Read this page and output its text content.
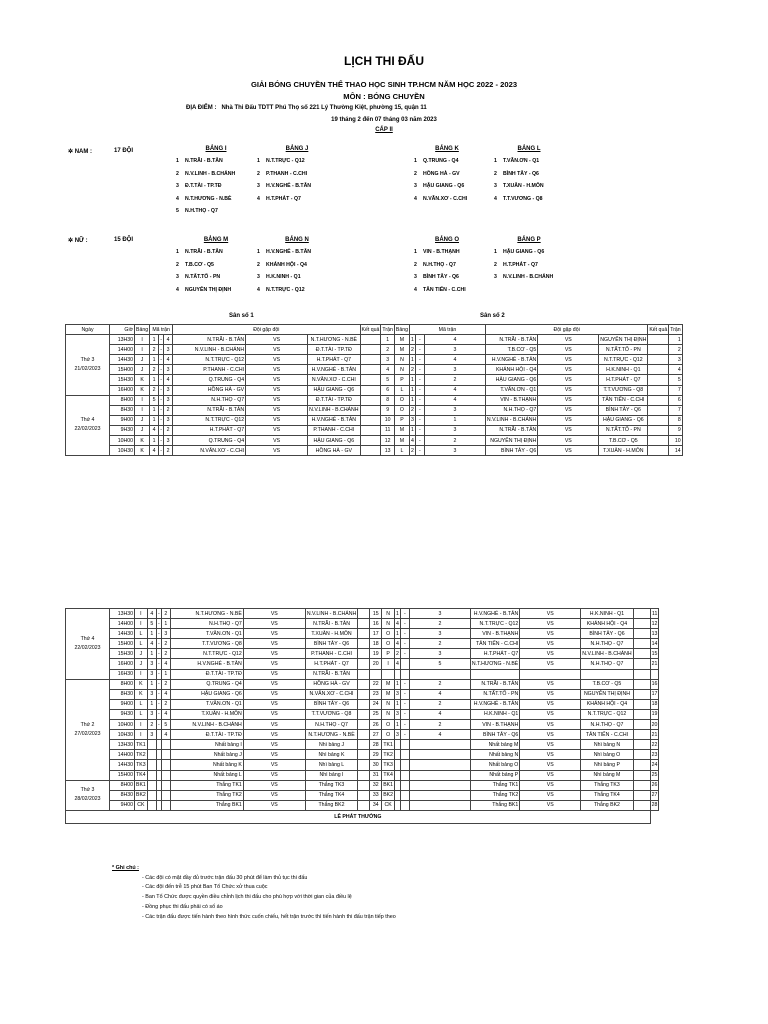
LỊCH THI ĐẤU
GIẢI BÓNG CHUYỀN THỂ THAO HỌC SINH TP.HCM NĂM HỌC 2022 - 2023
MÔN : BÓNG CHUYỀN
ĐỊA ĐIỂM : Nhà Thi Đấu TDTT Phú Thọ số 221 Lý Thường Kiệt, phường 15, quận 11
19 tháng 2 đến 07 tháng 03 năm 2023
CẤP II
✲ NAM :	17 ĐỘI	BẢNG I
1 N.TRÃI - B.TÂN
2 N.V.LINH - B.CHÁNH
3 Đ.T.TÀI - TP.TĐ
4 N.T.HƯƠNG - N.BÈ
5 N.H.THỌ - Q7
BẢNG J
1 N.T.TRỰC - Q12
2 P.THANH - C.CHI
3 H.V.NGHÉ - B.TÂN
4 H.T.PHÁT - Q7
BẢNG K
1 Q.TRUNG - Q4
2 HỒNG HÀ - GV
3 HẬU GIANG - Q6
4 N.VĂN.XƠ - C.CHI
BẢNG L
1 T.VĂN.ƠN - Q1
2 BÌNH TÂY - Q6
3 T.XUÂN - H.MÔN
4 T.T.VƯƠNG - Q8
✲ NỮ :	15 ĐỘI	BẢNG M
1 N.TRÃI - B.TÂN
2 T.B.CƠ - Q5
3 N.TẤT.TỐ - PN
4 NGUYỄN THỊ ĐỊNH
BẢNG N
1 H.V.NGHÉ - B.TÂN
2 KHÁNH HỘI - Q4
3 H.K.NINH - Q1
4 N.T.TRỰC - Q12
BẢNG O
1 VIN - B.THẠNH
2 N.H.THỌ - Q7
3 BÌNH TÂY - Q6
4 TÂN TIẾN - C.CHI
BẢNG P
1 HẬU GIANG - Q6
2 H.T.PHÁT - Q7
3 N.V.LINH - B.CHÁNH
Sân số 1	Sân số 2
Ngày	Giờ	Bảng	Mã trận			Đội gặp đội			Kết quả	Trận	Bảng	Mã trận			Đội gặp đội			Kết quả	Trận

Thứ 3
21/02/2023	13H30	I	1	-	4	N.TRÃI - B.TÂN	VS	N.T.HƯƠNG - N.BÈ		1	M	1	-	4	N.TRÃI - B.TÂN	VS	NGUYỄN THỊ ĐỊNH		1
	14H00	I	2	-	3	N.V.LINH - B.CHÁNH	VS	Đ.T.TÀI - TP.TĐ		2	M	2	-	3	T.B.CƠ - Q5	VS	N.TẤT.TỐ - PN		2
	14H30	J	1	-	4	N.T.TRỰC - Q12	VS	H.T.PHÁT - Q7		3	N	1	-	4	H.V.NGHÉ - B.TÂN	VS	N.T.TRỰC - Q12		3
	15H00	J	2	-	3	P.THANH - C.CHI	VS	H.V.NGHÉ - B.TÂN		4	N	2	-	3	KHÁNH HỘI - Q4	VS	H.K.NINH - Q1		4
	15H30	K	1	-	4	Q.TRUNG - Q4	VS	N.VĂN.XƠ - C.CHI		5	P	1	-	2	HẬU GIANG - Q6	VS	H.T.PHÁT - Q7		5
	16H00	K	2	-	3	HỒNG HÀ - GV	VS	HẬU GIANG - Q6		6	L	1	-	4	T.VĂN.ƠN - Q1	VS	T.T.VƯƠNG - Q8		7

Thứ 4
22/02/2023	8H00	I	5	-	3	N.H.THỌ - Q7	VS	Đ.T.TÀI - TP.TĐ		8	O	1	-	4	VIN - B.THẠNH	VS	TÂN TIẾN - C.CHI		6
	8H30	I	1	-	2	N.TRÃI - B.TÂN	VS	N.V.LINH - B.CHÁNH		9	O	2	-	3	N.H.THỌ - Q7	VS	BÌNH TÂY - Q6		7
	9H00	J	1	-	3	N.T.TRỰC - Q12	VS	H.V.NGHÉ - B.TÂN		10	P	3	-	1	N.V.LINH - B.CHÁNH	VS	HẬU GIANG - Q6		8
	9H30	J	4	-	2	H.T.PHÁT - Q7	VS	P.THANH - C.CHI		11	M	1	-	3	N.TRÃI - B.TÂN	VS	N.TẤT.TỐ - PN		9
	10H00	K	1	-	3	Q.TRUNG - Q4	VS	HẬU GIANG - Q6		12	M	4	-	2	NGUYỄN THỊ ĐỊNH	VS	T.B.CƠ - Q5		10
	10H30	K	4	-	2	N.VĂN.XƠ - C.CHI	VS	HỒNG HÀ - GV		13	L	2	-	3	BÌNH TÂY - Q6	VS	T.XUÂN - H.MÔN		14
Thứ 4
22/02/2023	13H30	I	4	-	2	N.T.HƯƠNG - N.BÈ	VS	N.V.LINH - B.CHÁNH		15	N	1	-	3	H.V.NGHÉ - B.TÂN	VS	H.K.NINH - Q1		11
	14H00	I	5	-	1	N.H.THỌ - Q7	VS	N.TRÃI - B.TÂN		16	N	4	-	2	N.T.TRỰC - Q12	VS	KHÁNH HỘI - Q4		12
	14H30	L	1	-	3	T.VĂN.ƠN - Q1	VS	T.XUÂN - H.MÔN		17	O	1	-	3	VIN - B.THẠNH	VS	BÌNH TÂY - Q6		13
	15H00	L	4	-	2	T.T.VƯƠNG - Q8	VS	BÌNH TÂY - Q6		18	O	4	-	2	TÂN TIẾN - C.CHI	VS	N.H.THỌ - Q7		14
	15H30	J	1	-	2	N.T.TRỰC - Q12	VS	P.THANH - C.CHI		19	P	2	-	3	H.T.PHÁT - Q7	VS	N.V.LINH - B.CHÁNH		15
	16H00	J	3	-	4	H.V.NGHÉ - B.TÂN	VS	H.T.PHÁT - Q7		20	I	4		5	N.T.HƯƠNG - N.BÈ	VS	N.H.THỌ - Q7		21
	16H30	I	3	-	1	Đ.T.TÀI - TP.TĐ	VS	N.TRÃI - B.TÂN											

Thứ 2
27/02/2023	8H00	K	1	-	2	Q.TRUNG - Q4	VS	HỒNG HÀ - GV		22	M	1	-	2	N.TRÃI - B.TÂN	VS	T.B.CƠ - Q5		16
	8H30	K	3	-	4	HẬU GIANG - Q6	VS	N.VĂN.XƠ - C.CHI		23	M	3	-	4	N.TẤT.TỐ - PN	VS	NGUYỄN THỊ ĐỊNH		17
	9H00	L	1	-	2	T.VĂN.ƠN - Q1	VS	BÌNH TÂY - Q6		24	N	1	-	2	H.V.NGHÉ - B.TÂN	VS	KHÁNH HỘI - Q4		18
	9H30	L	3	-	4	T.XUÂN - H.MÔN	VS	T.T.VƯƠNG - Q8		25	N	3	-	4	H.K.NINH - Q1	VS	N.T.TRỰC - Q12		19
	10H00	I	2	-	5	N.V.LINH - B.CHÁNH	VS	N.H.THỌ - Q7		26	O	1	-	2	VIN - B.THẠNH	VS	N.H.THỌ - Q7		20
	10H30	I	3		4	Đ.T.TÀI - TP.TĐ	VS	N.T.HƯƠNG - N.BÈ		27	O	3	-	4	BÌNH TÂY - Q6	VS	TÂN TIẾN - C.CHI		21
	13H30	TK1				Nhất bảng I	VS	Nhì bảng J		28	TK1				Nhất bảng M	VS	Nhì bảng N		22
	14H00	TK2				Nhất bảng J	VS	Nhì bảng K		29	TK2				Nhất bảng N	VS	Nhì bảng O		23
	14H30	TK3				Nhất bảng K	VS	Nhì bảng L		30	TK3				Nhất bảng O	VS	Nhì bảng P		24
	15H00	TK4				Nhất bảng L	VS	Nhì bảng I		31	TK4				Nhất bảng P	VS	Nhì bảng M		25

Thứ 3
28/02/2023	8H00	BK1				Thắng TK1	VS	Thắng TK3		32	BK1				Thắng TK1	VS	Thắng TK3		26
	8H30	BK2				Thắng TK2	VS	Thắng TK4		33	BK2				Thắng TK2	VS	Thắng TK4		27
	9H00	CK				Thắng BK1	VS	Thắng BK2		34	CK				Thắng BK1	VS	Thắng BK2		28
LỄ PHÁT THƯỞNG																			
* Ghi chú :
- Các đội có mặt đầy đủ trước trận đấu 30 phút để làm thủ tục thi đấu
- Các đội đến trễ 15 phút Ban Tổ Chức xử thua cuộc
- Ban Tổ Chức được quyền điều chỉnh lịch thi đấu cho phù hợp với thời gian của điều lệ
- Đồng phục thi đấu phải có số áo
- Các trận đấu được tiến hành theo hình thức cuốn chiếu, hết trận trước thì tiến hành thi đấu trận tiếp theo
